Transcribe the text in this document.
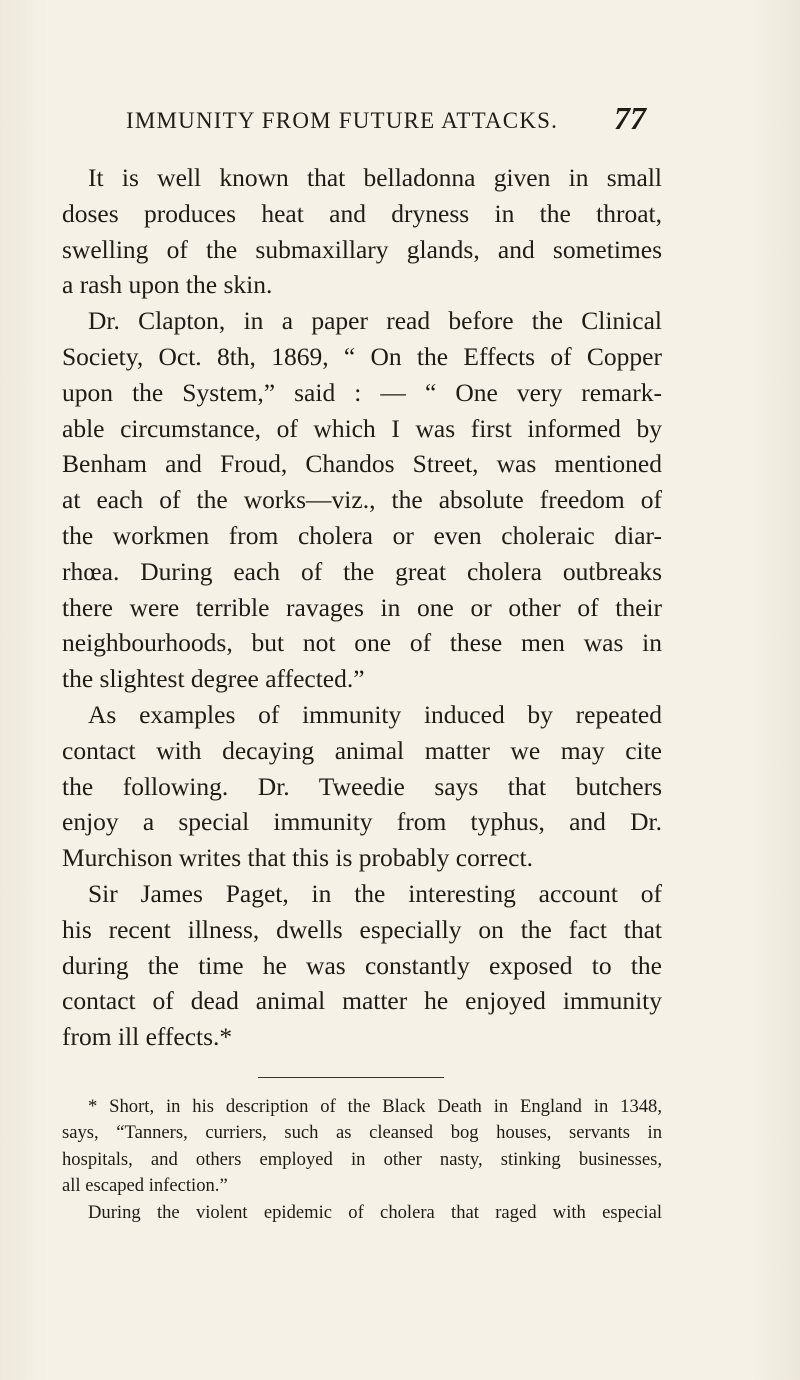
IMMUNITY FROM FUTURE ATTACKS. 77
It is well known that belladonna given in small
doses produces heat and dryness in the throat,
swelling of the submaxillary glands, and sometimes
a rash upon the skin.
Dr. Clapton, in a paper read before the Clinical
Society, Oct. 8th, 1869, “ On the Effects of Copper
upon the System,” said : — “ One very remark-
able circumstance, of which I was first informed by
Benham and Froud, Chandos Street, was mentioned
at each of the works—viz., the absolute freedom of
the workmen from cholera or even choleraic diar-
rhœa. During each of the great cholera outbreaks
there were terrible ravages in one or other of their
neighbourhoods, but not one of these men was in
the slightest degree affected.”
As examples of immunity induced by repeated
contact with decaying animal matter we may cite
the following. Dr. Tweedie says that butchers
enjoy a special immunity from typhus, and Dr.
Murchison writes that this is probably correct.
Sir James Paget, in the interesting account of
his recent illness, dwells especially on the fact that
during the time he was constantly exposed to the
contact of dead animal matter he enjoyed immunity
from ill effects.*
* Short, in his description of the Black Death in England in 1348,
says, “Tanners, curriers, such as cleansed bog houses, servants in
hospitals, and others employed in other nasty, stinking businesses,
all escaped infection.”
During the violent epidemic of cholera that raged with especial
